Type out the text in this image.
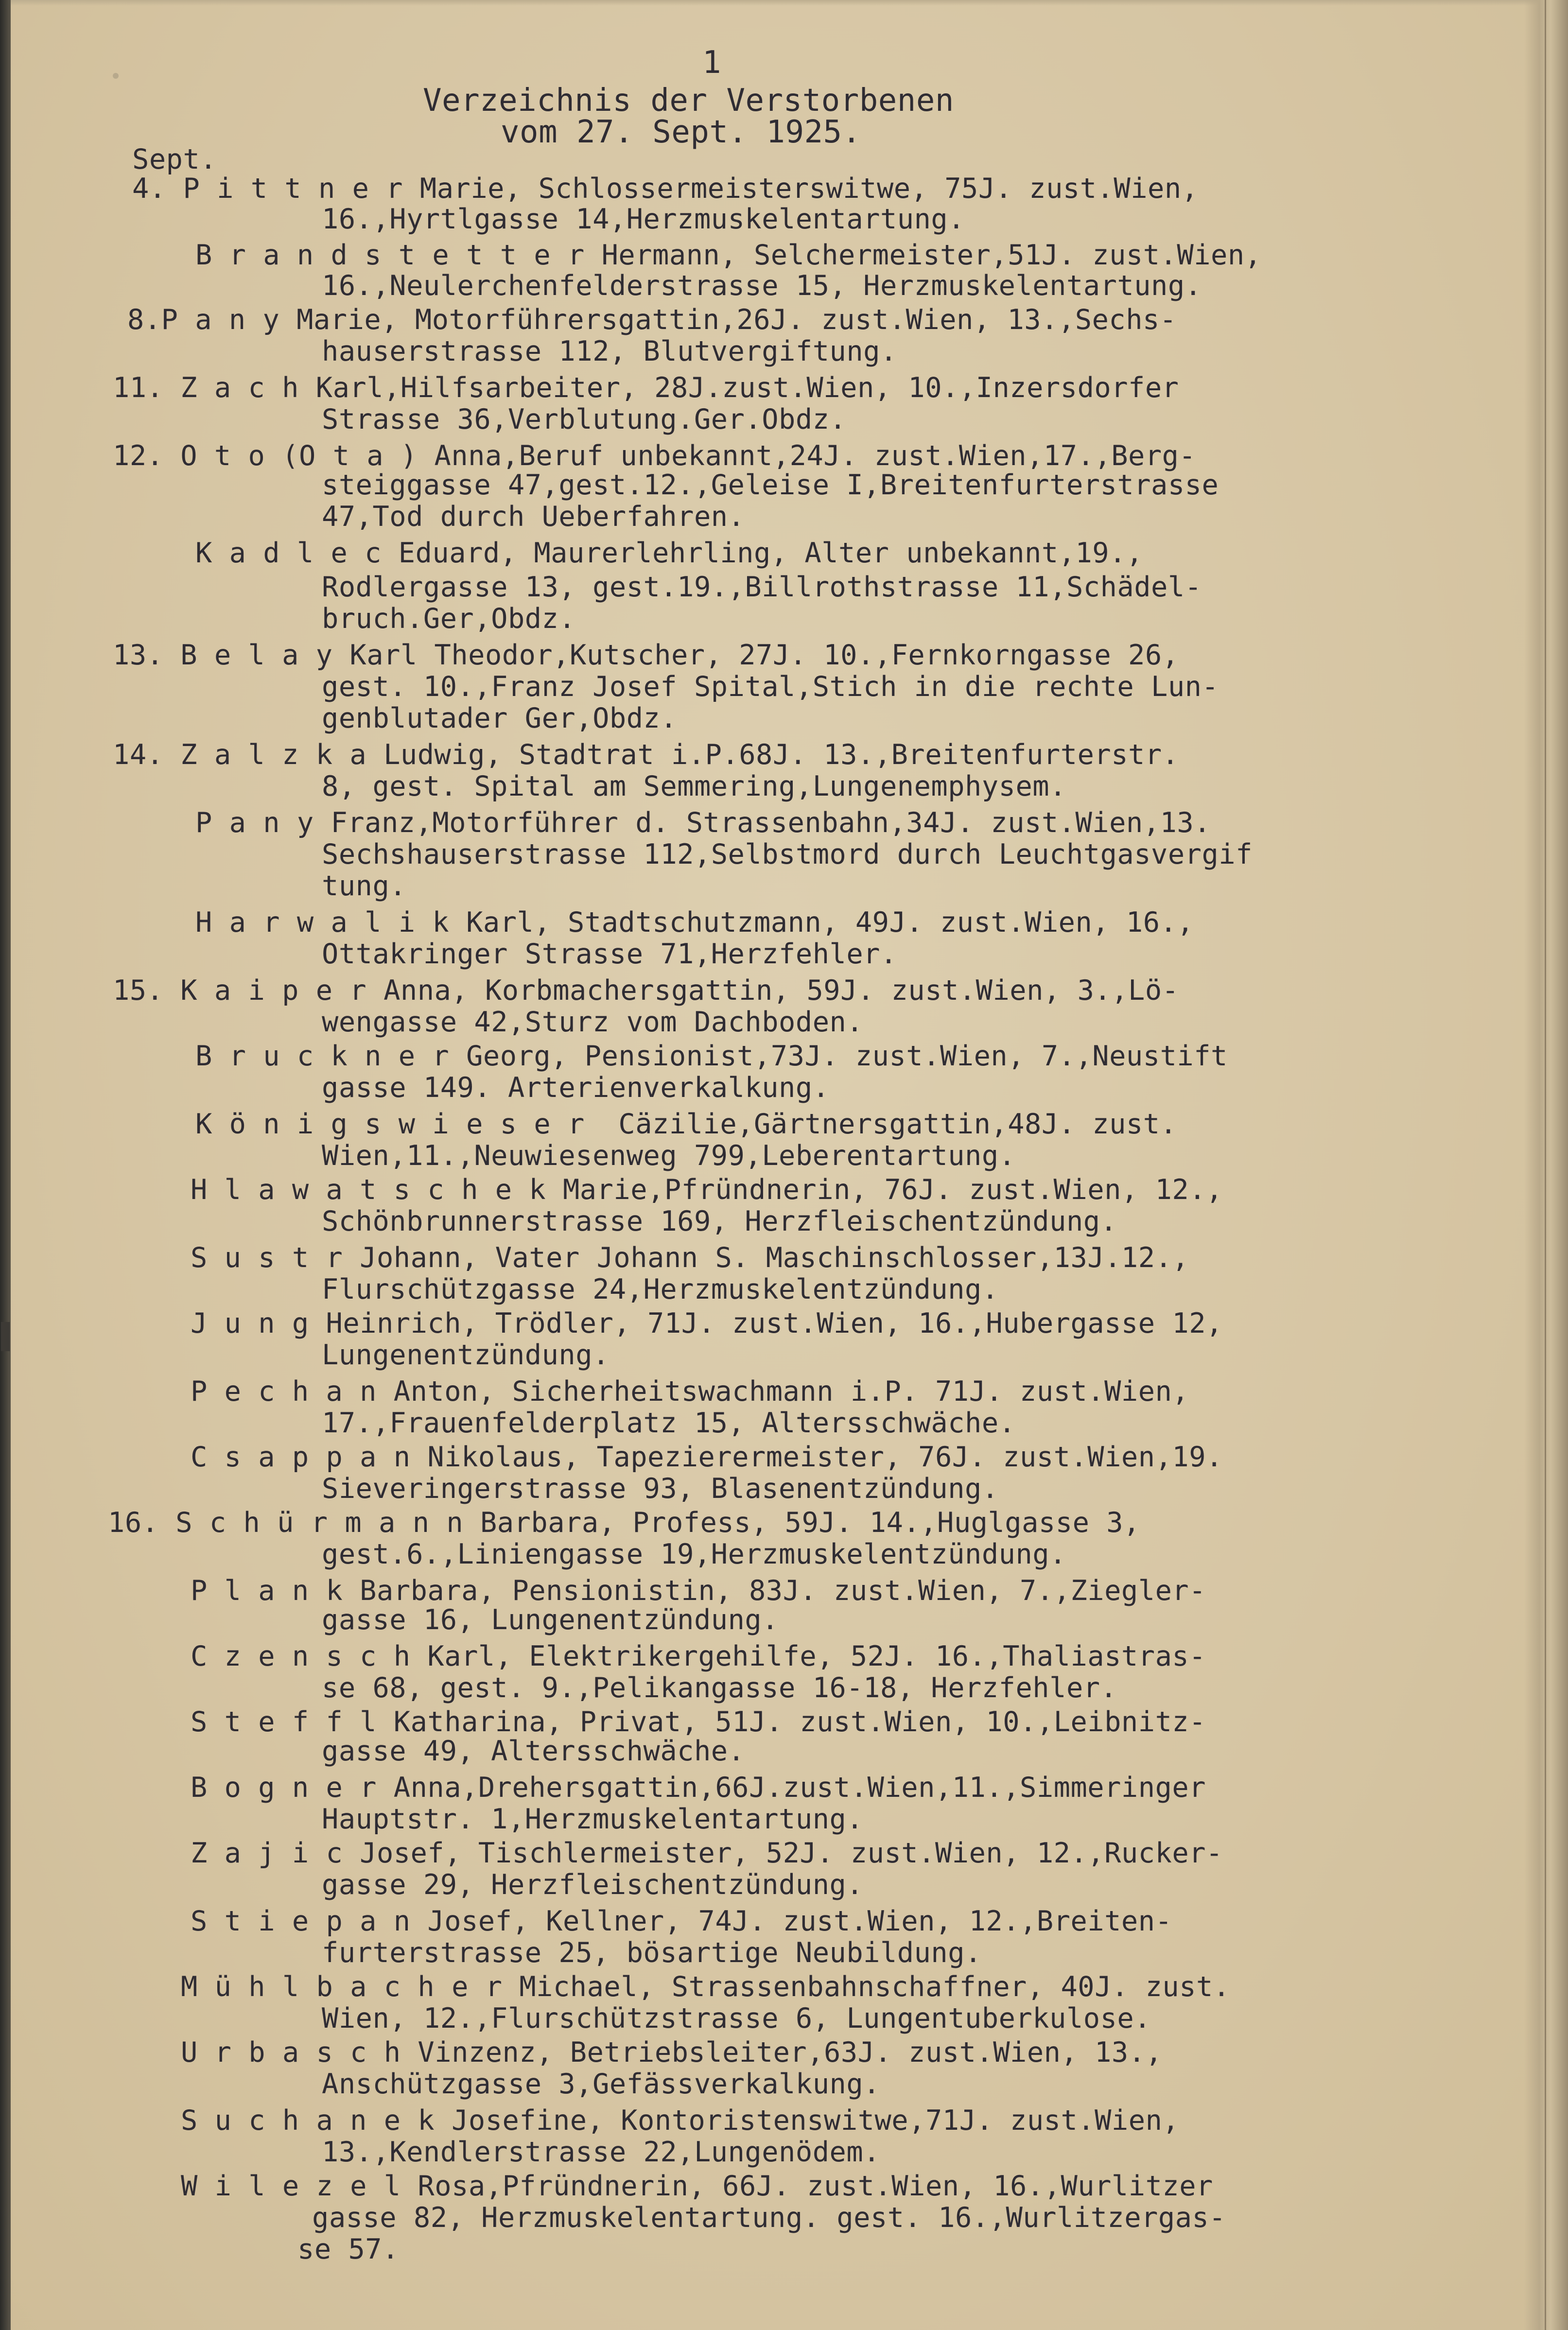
1
Verzeichnis der Verstorbenen
vom 27. Sept. 1925.
Sept.
4. P i t t n e r Marie, Schlossermeisterswitwe, 75J. zust.Wien,
16.,Hyrtlgasse 14,Herzmuskelentartung.
B r a n d s t e t t e r Hermann, Selchermeister,51J. zust.Wien,
16.,Neulerchenfelderstrasse 15, Herzmuskelentartung.
8.P a n y Marie, Motorführersgattin,26J. zust.Wien, 13.,Sechs-
hauserstrasse 112, Blutvergiftung.
11. Z a c h Karl,Hilfsarbeiter, 28J.zust.Wien, 10.,Inzersdorfer
Strasse 36,Verblutung.Ger.Obdz.
12. O t o (O t a ) Anna,Beruf unbekannt,24J. zust.Wien,17.,Berg-
steiggasse 47,gest.12.,Geleise I,Breitenfurterstrasse
47,Tod durch Ueberfahren.
K a d l e c Eduard, Maurerlehrling, Alter unbekannt,19.,
Rodlergasse 13, gest.19.,Billrothstrasse 11,Schädel-
bruch.Ger,Obdz.
13. B e l a y Karl Theodor,Kutscher, 27J. 10.,Fernkorngasse 26,
gest. 10.,Franz Josef Spital,Stich in die rechte Lun-
genblutader Ger,Obdz.
14. Z a l z k a Ludwig, Stadtrat i.P.68J. 13.,Breitenfurterstr.
8, gest. Spital am Semmering,Lungenemphysem.
P a n y Franz,Motorführer d. Strassenbahn,34J. zust.Wien,13.
Sechshauserstrasse 112,Selbstmord durch Leuchtgasvergif
tung.
H a r w a l i k Karl, Stadtschutzmann, 49J. zust.Wien, 16.,
Ottakringer Strasse 71,Herzfehler.
15. K a i p e r Anna, Korbmachersgattin, 59J. zust.Wien, 3.,Lö-
wengasse 42,Sturz vom Dachboden.
B r u c k n e r Georg, Pensionist,73J. zust.Wien, 7.,Neustift
gasse 149. Arterienverkalkung.
K ö n i g s w i e s e r  Cäzilie,Gärtnersgattin,48J. zust.
Wien,11.,Neuwiesenweg 799,Leberentartung.
H l a w a t s c h e k Marie,Pfründnerin, 76J. zust.Wien, 12.,
Schönbrunnerstrasse 169, Herzfleischentzündung.
S u s t r Johann, Vater Johann S. Maschinschlosser,13J.12.,
Flurschützgasse 24,Herzmuskelentzündung.
J u n g Heinrich, Trödler, 71J. zust.Wien, 16.,Hubergasse 12,
Lungenentzündung.
P e c h a n Anton, Sicherheitswachmann i.P. 71J. zust.Wien,
17.,Frauenfelderplatz 15, Altersschwäche.
C s a p p a n Nikolaus, Tapezierermeister, 76J. zust.Wien,19.
Sieveringerstrasse 93, Blasenentzündung.
16. S c h ü r m a n n Barbara, Profess, 59J. 14.,Huglgasse 3,
gest.6.,Liniengasse 19,Herzmuskelentzündung.
P l a n k Barbara, Pensionistin, 83J. zust.Wien, 7.,Ziegler-
gasse 16, Lungenentzündung.
C z e n s c h Karl, Elektrikergehilfe, 52J. 16.,Thaliastras-
se 68, gest. 9.,Pelikangasse 16-18, Herzfehler.
S t e f f l Katharina, Privat, 51J. zust.Wien, 10.,Leibnitz-
gasse 49, Altersschwäche.
B o g n e r Anna,Drehersgattin,66J.zust.Wien,11.,Simmeringer
Hauptstr. 1,Herzmuskelentartung.
Z a j i c Josef, Tischlermeister, 52J. zust.Wien, 12.,Rucker-
gasse 29, Herzfleischentzündung.
S t i e p a n Josef, Kellner, 74J. zust.Wien, 12.,Breiten-
furterstrasse 25, bösartige Neubildung.
M ü h l b a c h e r Michael, Strassenbahnschaffner, 40J. zust.
Wien, 12.,Flurschützstrasse 6, Lungentuberkulose.
U r b a s c h Vinzenz, Betriebsleiter,63J. zust.Wien, 13.,
Anschützgasse 3,Gefässverkalkung.
S u c h a n e k Josefine, Kontoristenswitwe,71J. zust.Wien,
13.,Kendlerstrasse 22,Lungenödem.
W i l e z e l Rosa,Pfründnerin, 66J. zust.Wien, 16.,Wurlitzer
gasse 82, Herzmuskelentartung. gest. 16.,Wurlitzergas-
se 57.
